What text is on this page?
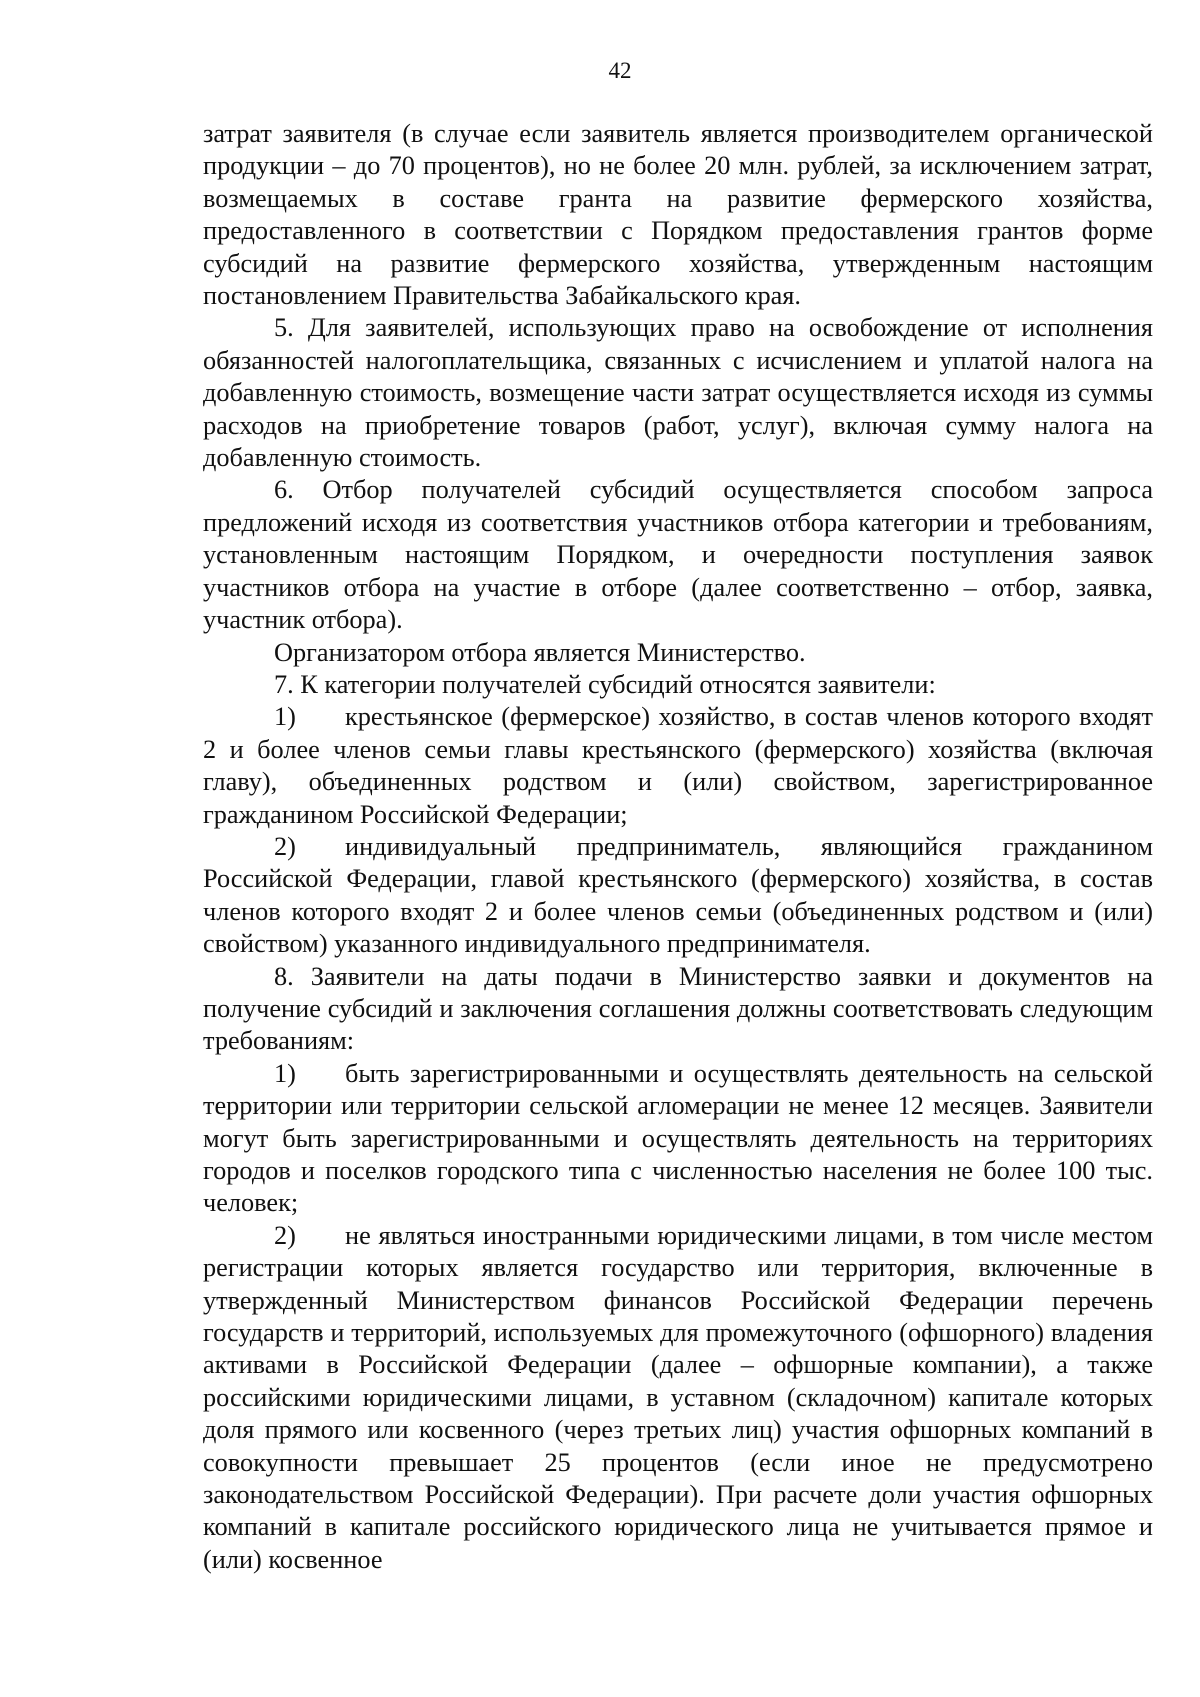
42

затрат заявителя (в случае если заявитель является производителем органической продукции – до 70 процентов), но не более 20 млн. рублей, за исключением затрат, возмещаемых в составе гранта на развитие фермерского хозяйства, предоставленного в соответствии с Порядком предоставления грантов форме субсидий на развитие фермерского хозяйства, утвержденным настоящим постановлением Правительства Забайкальского края.

5. Для заявителей, использующих право на освобождение от исполнения обязанностей налогоплательщика, связанных с исчислением и уплатой налога на добавленную стоимость, возмещение части затрат осуществляется исходя из суммы расходов на приобретение товаров (работ, услуг), включая сумму налога на добавленную стоимость.

6. Отбор получателей субсидий осуществляется способом запроса предложений исходя из соответствия участников отбора категории и требованиям, установленным настоящим Порядком, и очередности поступления заявок участников отбора на участие в отборе (далее соответственно – отбор, заявка, участник отбора).

Организатором отбора является Министерство.

7. К категории получателей субсидий относятся заявители:

1) крестьянское (фермерское) хозяйство, в состав членов которого входят 2 и более членов семьи главы крестьянского (фермерского) хозяйства (включая главу), объединенных родством и (или) свойством, зарегистрированное гражданином Российской Федерации;

2) индивидуальный предприниматель, являющийся гражданином Российской Федерации, главой крестьянского (фермерского) хозяйства, в состав членов которого входят 2 и более членов семьи (объединенных родством и (или) свойством) указанного индивидуального предпринимателя.

8. Заявители на даты подачи в Министерство заявки и документов на получение субсидий и заключения соглашения должны соответствовать следующим требованиям:

1) быть зарегистрированными и осуществлять деятельность на сельской территории или территории сельской агломерации не менее 12 месяцев. Заявители могут быть зарегистрированными и осуществлять деятельность на территориях городов и поселков городского типа с численностью населения не более 100 тыс. человек;

2) не являться иностранными юридическими лицами, в том числе местом регистрации которых является государство или территория, включенные в утвержденный Министерством финансов Российской Федерации перечень государств и территорий, используемых для промежуточного (офшорного) владения активами в Российской Федерации (далее – офшорные компании), а также российскими юридическими лицами, в уставном (складочном) капитале которых доля прямого или косвенного (через третьих лиц) участия офшорных компаний в совокупности превышает 25 процентов (если иное не предусмотрено законодательством Российской Федерации). При расчете доли участия офшорных компаний в капитале российского юридического лица не учитывается прямое и (или) косвенное
